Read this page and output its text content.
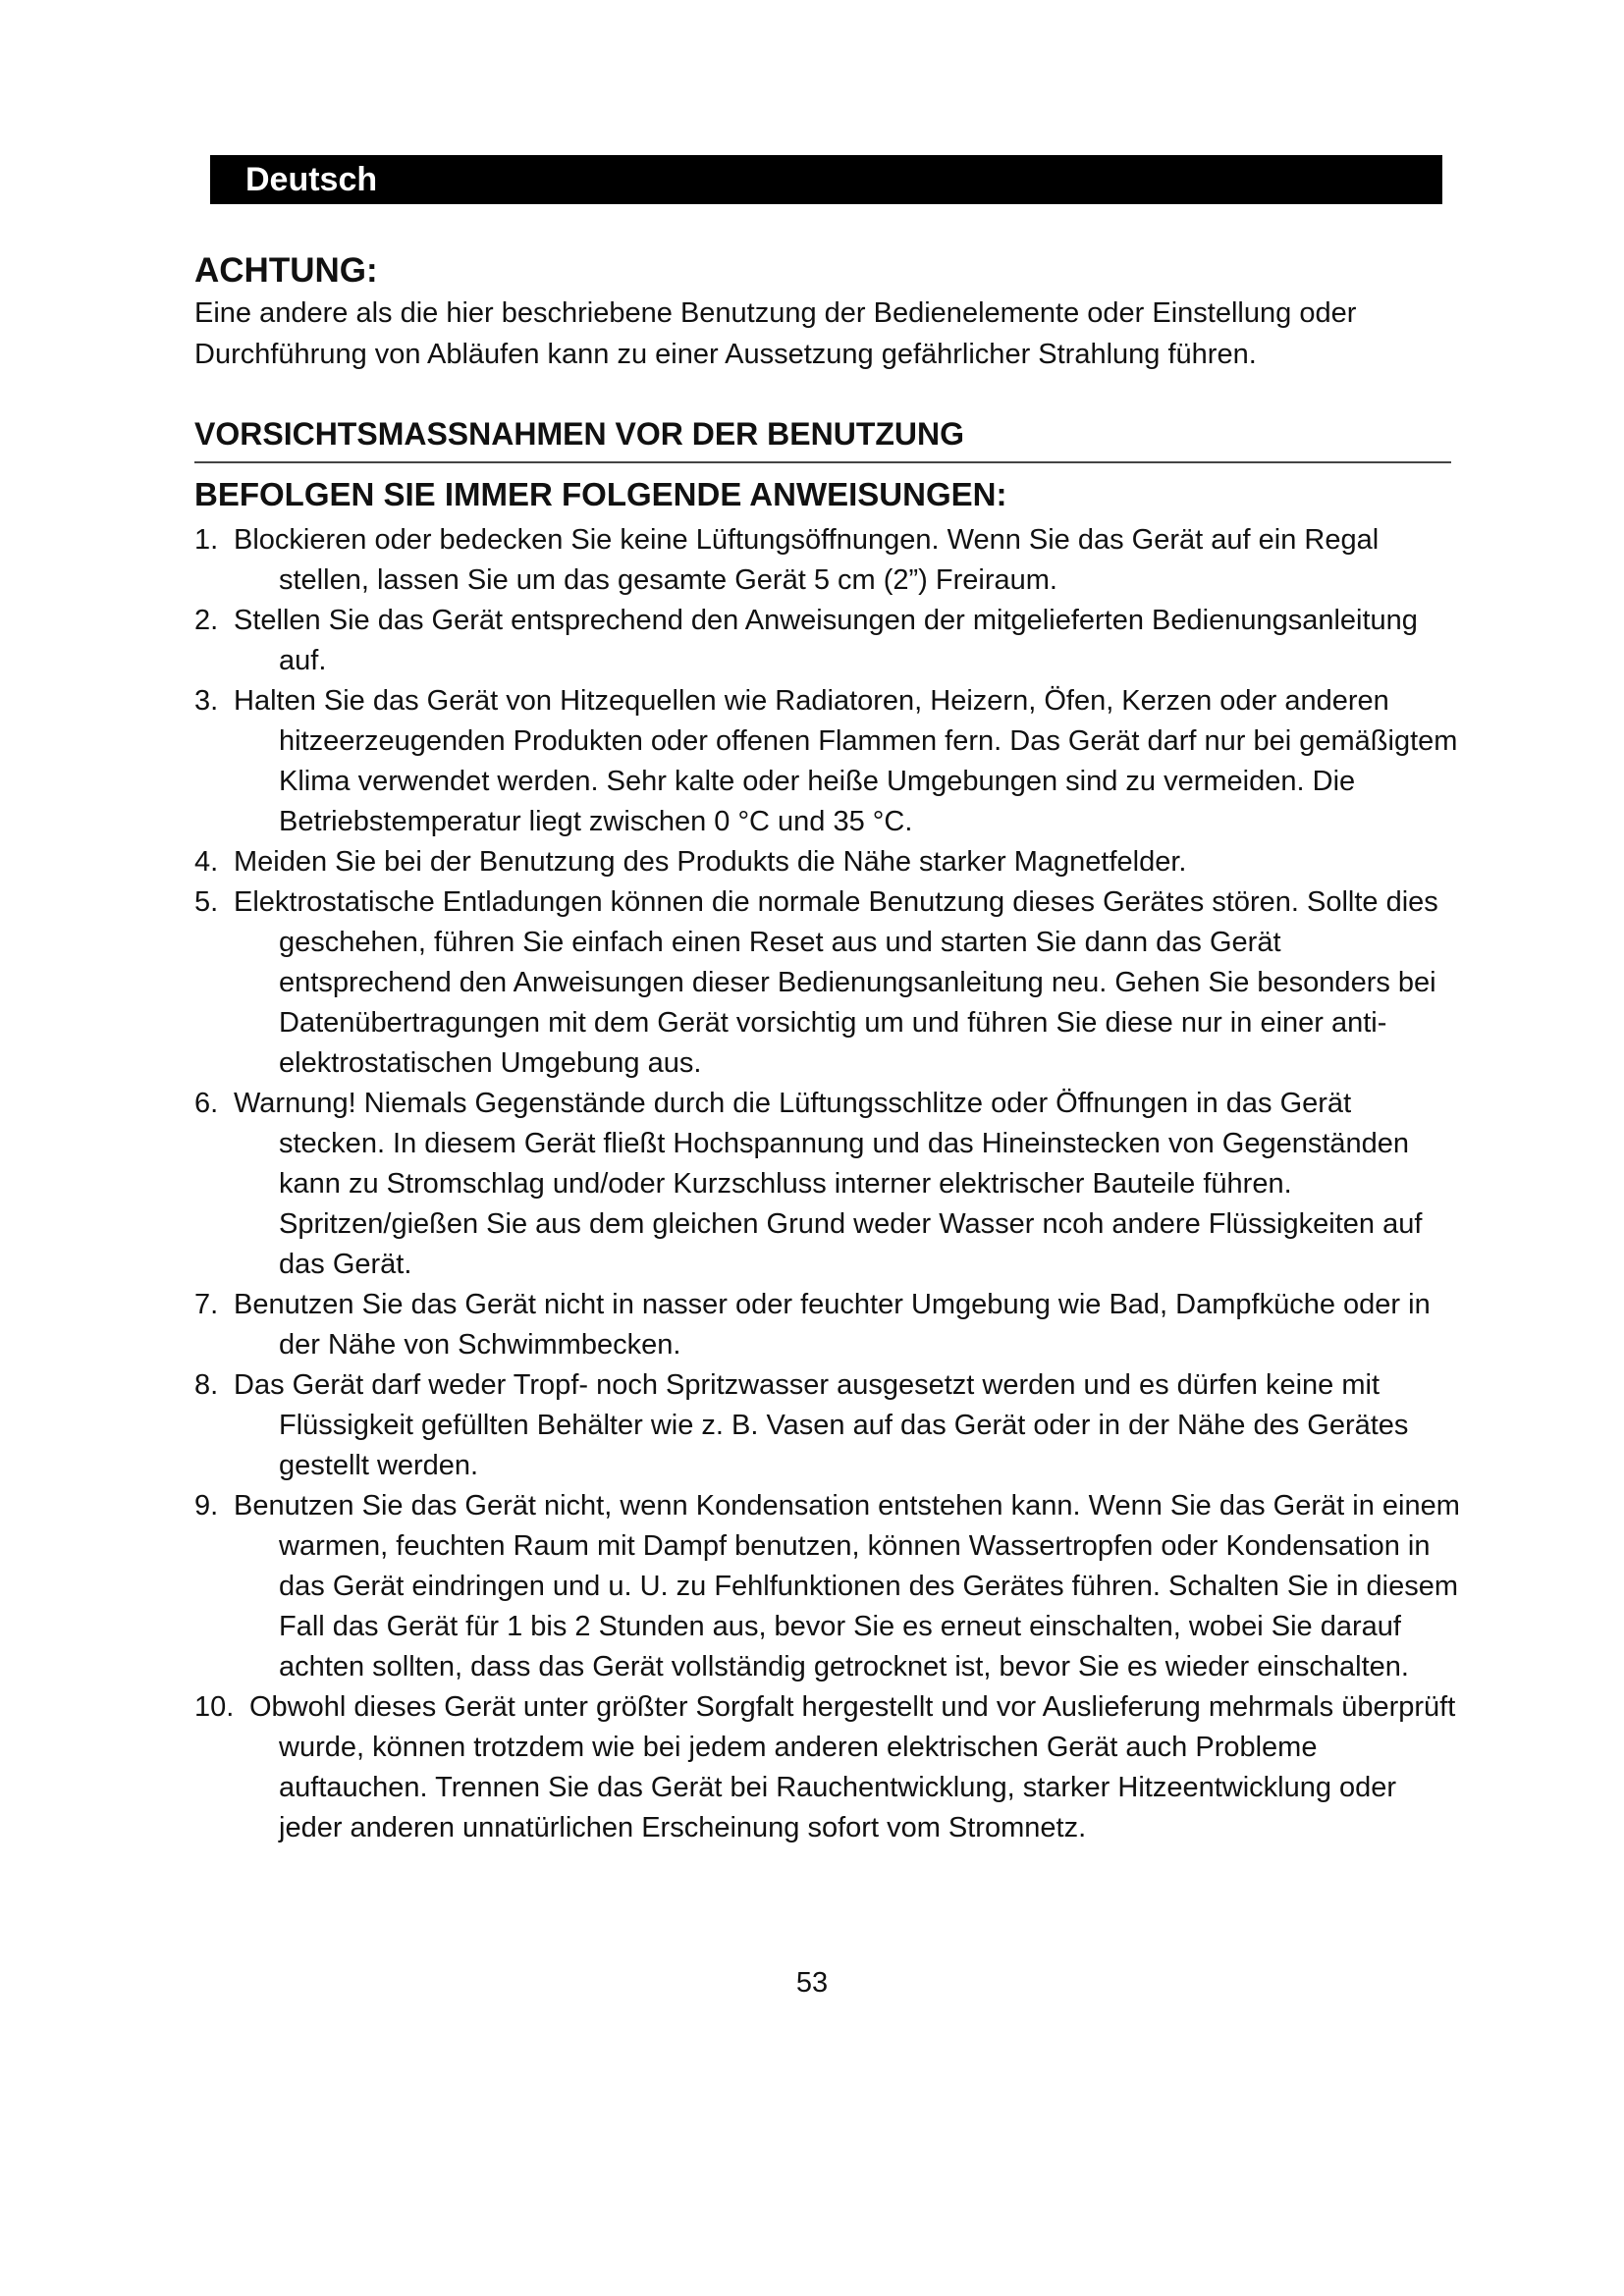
Deutsch
ACHTUNG:

Eine andere als die hier beschriebene Benutzung der Bedienelemente oder Einstellung oder Durchführung von Abläufen kann zu einer Aussetzung gefährlicher Strahlung führen.

VORSICHTSMASSNAHMEN VOR DER BENUTZUNG
BEFOLGEN SIE IMMER FOLGENDE ANWEISUNGEN:
1. Blockieren oder bedecken Sie keine Lüftungsöffnungen. Wenn Sie das Gerät auf ein Regal stellen, lassen Sie um das gesamte Gerät 5 cm (2”) Freiraum.
2. Stellen Sie das Gerät entsprechend den Anweisungen der mitgelieferten Bedienungsanleitung auf.
3. Halten Sie das Gerät von Hitzequellen wie Radiatoren, Heizern, Öfen, Kerzen oder anderen hitzeerzeugenden Produkten oder offenen Flammen fern. Das Gerät darf nur bei gemäßigtem Klima verwendet werden. Sehr kalte oder heiße Umgebungen sind zu vermeiden. Die Betriebstemperatur liegt zwischen 0 °C und 35 °C.
4. Meiden Sie bei der Benutzung des Produkts die Nähe starker Magnetfelder.
5. Elektrostatische Entladungen können die normale Benutzung dieses Gerätes stören. Sollte dies geschehen, führen Sie einfach einen Reset aus und starten Sie dann das Gerät entsprechend den Anweisungen dieser Bedienungsanleitung neu. Gehen Sie besonders bei Datenübertragungen mit dem Gerät vorsichtig um und führen Sie diese nur in einer anti-elektrostatischen Umgebung aus.
6. Warnung! Niemals Gegenstände durch die Lüftungsschlitze oder Öffnungen in das Gerät stecken. In diesem Gerät fließt Hochspannung und das Hineinstecken von Gegenständen kann zu Stromschlag und/oder Kurzschluss interner elektrischer Bauteile führen. Spritzen/gießen Sie aus dem gleichen Grund weder Wasser ncoh andere Flüssigkeiten auf das Gerät.
7. Benutzen Sie das Gerät nicht in nasser oder feuchter Umgebung wie Bad, Dampfküche oder in der Nähe von Schwimmbecken.
8. Das Gerät darf weder Tropf- noch Spritzwasser ausgesetzt werden und es dürfen keine mit Flüssigkeit gefüllten Behälter wie z. B. Vasen auf das Gerät oder in der Nähe des Gerätes gestellt werden.
9. Benutzen Sie das Gerät nicht, wenn Kondensation entstehen kann. Wenn Sie das Gerät in einem warmen, feuchten Raum mit Dampf benutzen, können Wassertropfen oder Kondensation in das Gerät eindringen und u. U. zu Fehlfunktionen des Gerätes führen. Schalten Sie in diesem Fall das Gerät für 1 bis 2 Stunden aus, bevor Sie es erneut einschalten, wobei Sie darauf achten sollten, dass das Gerät vollständig getrocknet ist, bevor Sie es wieder einschalten.
10. Obwohl dieses Gerät unter größter Sorgfalt hergestellt und vor Auslieferung mehrmals überprüft wurde, können trotzdem wie bei jedem anderen elektrischen Gerät auch Probleme auftauchen. Trennen Sie das Gerät bei Rauchentwicklung, starker Hitzeentwicklung oder jeder anderen unnatürlichen Erscheinung sofort vom Stromnetz.
53
